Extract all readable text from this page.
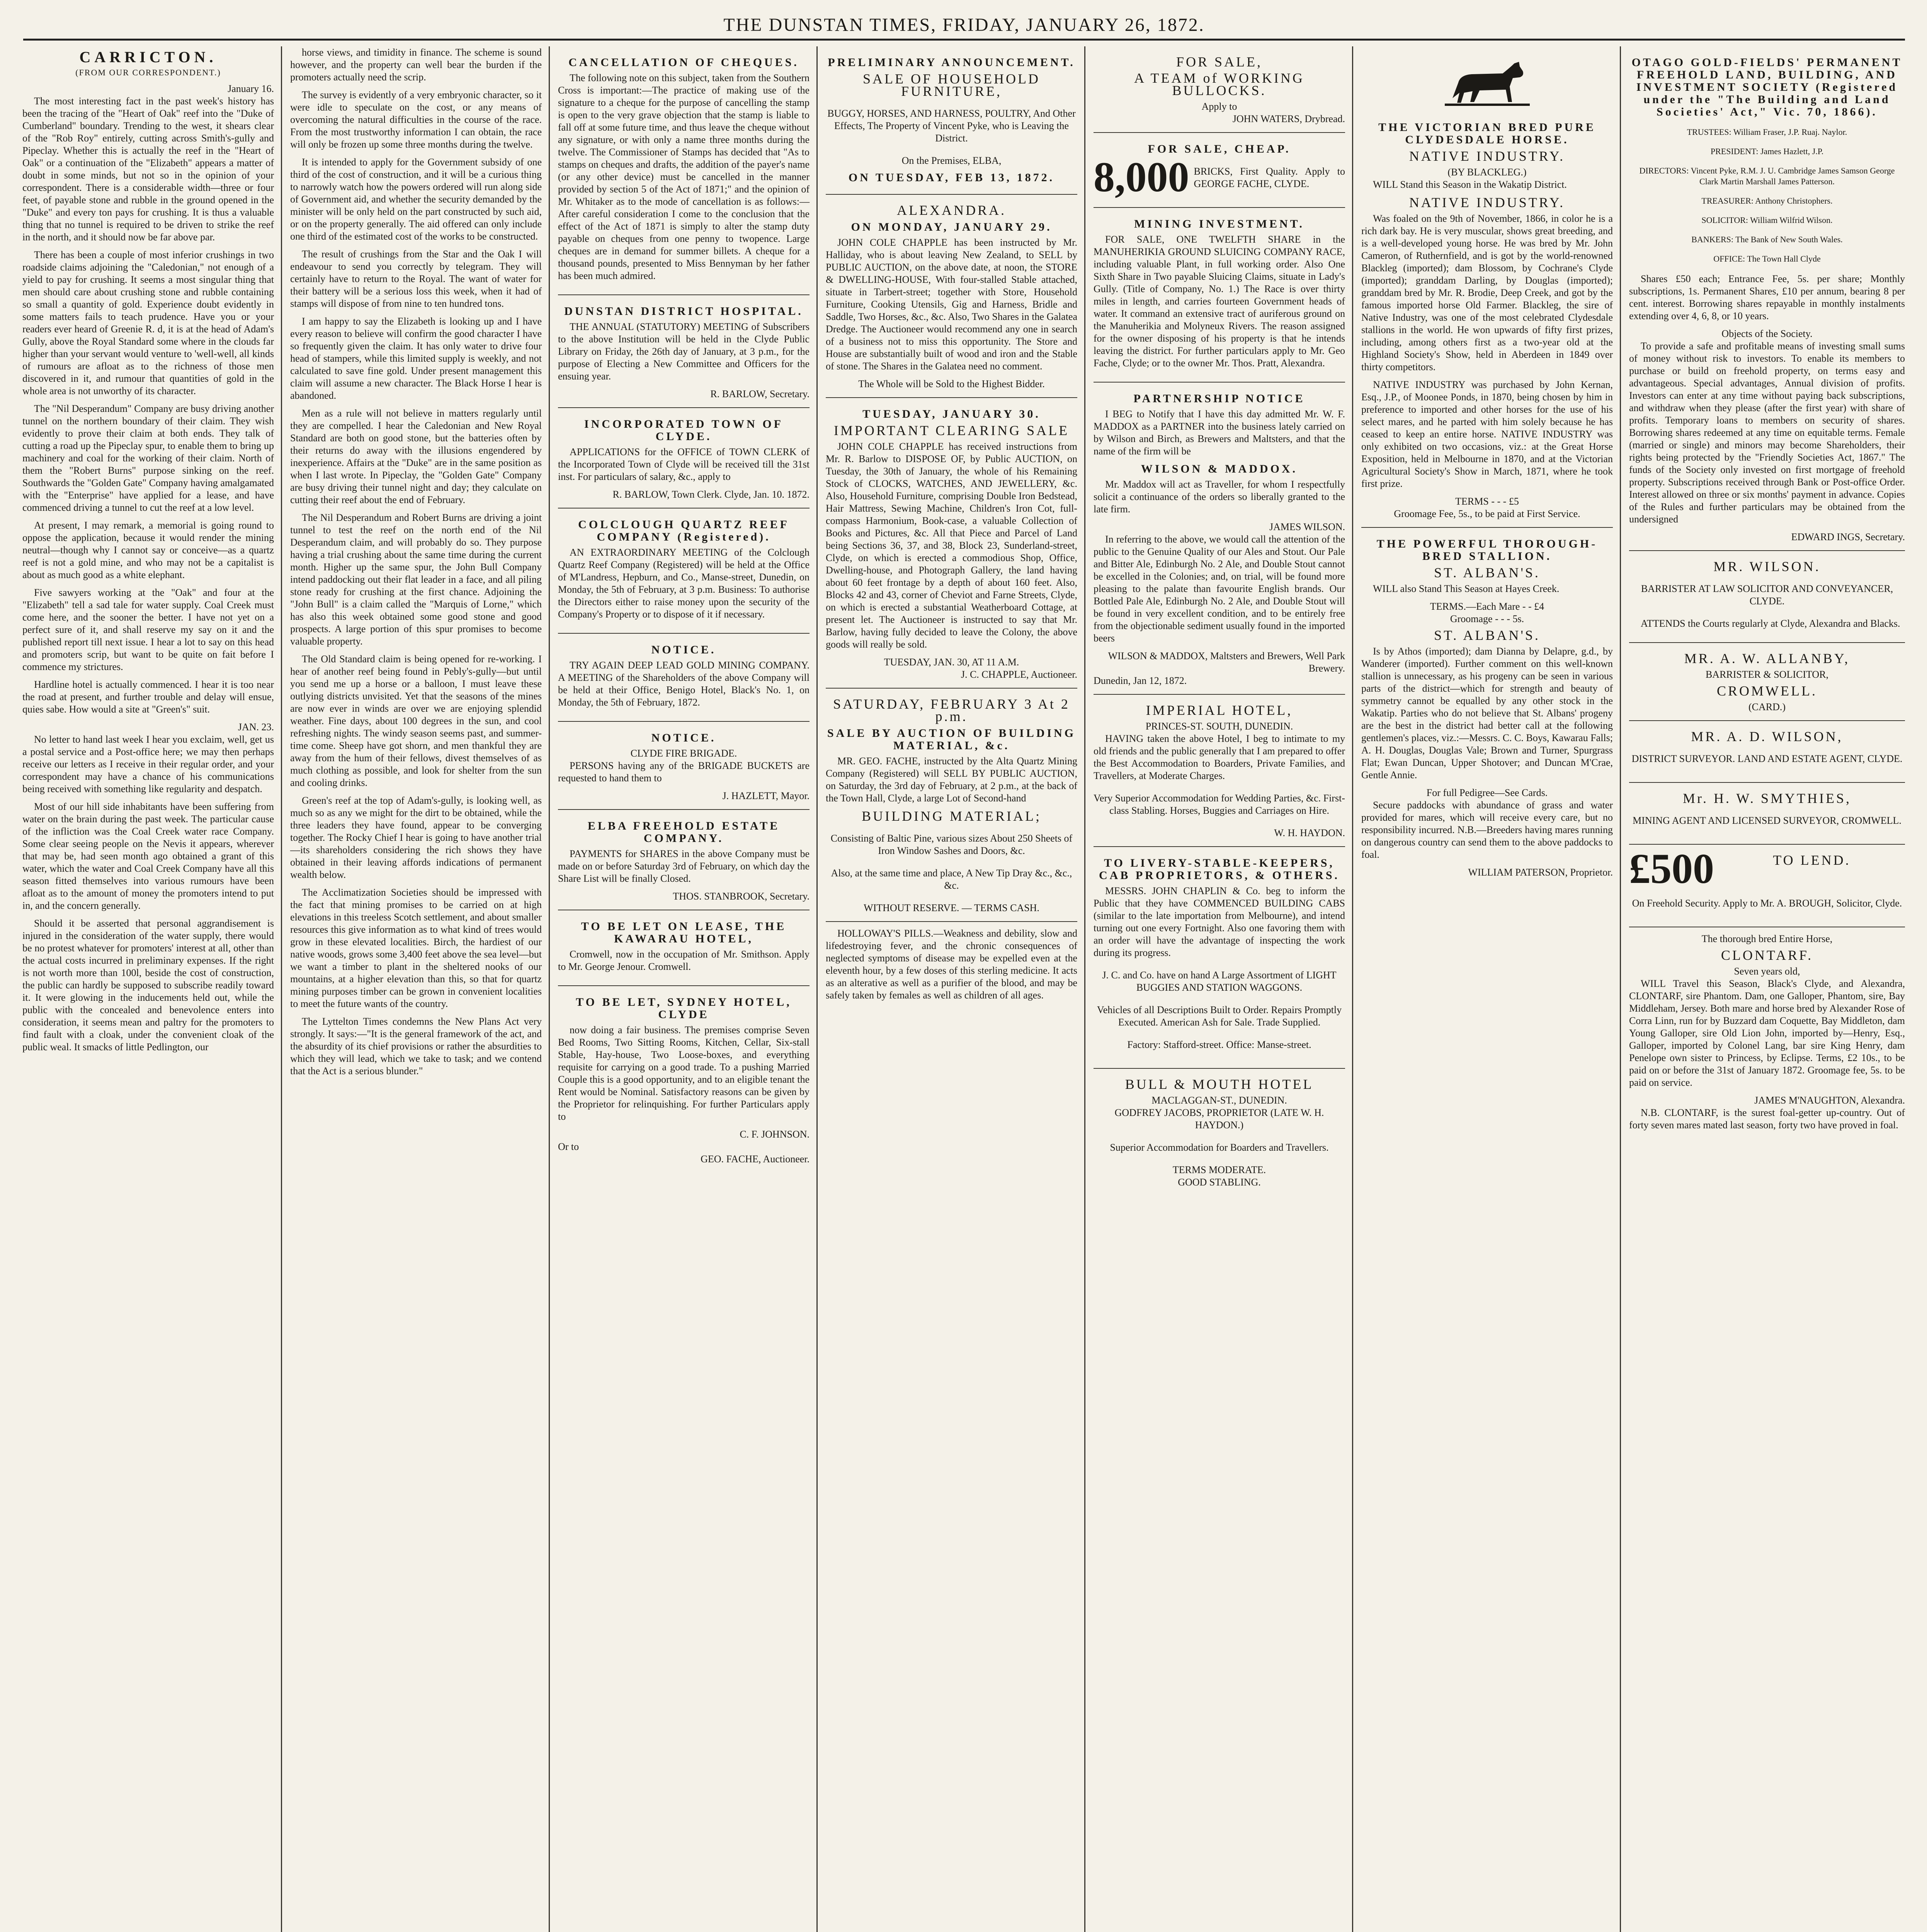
THE DUNSTAN TIMES, FRIDAY, JANUARY 26, 1872.
CARRICTON.
(FROM OUR CORRESPONDENT.)
January 16.

The most interesting fact in the past week's history has been the tracing of the "Heart of Oak" reef into the "Duke of Cumberland" boundary. Trending to the west, it shears clear of the "Rob Roy" entirely, cutting across Smith's-gully and Pipeclay. Whether this is actually the reef in the "Heart of Oak" or a continuation of the "Elizabeth" appears a matter of doubt in some minds, but not so in the opinion of your correspondent. There is a considerable width—three or four feet, of payable stone and rubble in the ground opened in the "Duke" and every ton pays for crushing. It is thus a valuable thing that no tunnel is required to be driven to strike the reef in the north, and it should now be far above par.

There has been a couple of most inferior crushings in two roadside claims adjoining the "Caledonian," not enough of a yield to pay for crushing. It seems a most singular thing that men should care about crushing stone and rubble containing so small a quantity of gold. Experience doubt evidently in some matters fails to teach prudence. Have you or your readers ever heard of Greenie R. d, it is at the head of Adam's Gully, above the Royal Standard some where in the clouds far higher than your servant would venture to 'well-well, all kinds of rumours are afloat as to the richness of those men discovered in it, and rumour that quantities of gold in the whole area is not unworthy of its character.

The "Nil Desperandum" Company are busy driving another tunnel on the northern boundary of their claim. They wish evidently to prove their claim at both ends. They talk of cutting a road up the Pipeclay spur, to enable them to bring up machinery and coal for the working of their claim. North of them the "Robert Burns" purpose sinking on the reef. Southwards the "Golden Gate" Company having amalgamated with the "Enterprise" have applied for a lease, and have commenced driving a tunnel to cut the reef at a low level.

At present, I may remark, a memorial is going round to oppose the application, because it would render the mining neutral—though why I cannot say or conceive—as a quartz reef is not a gold mine, and who may not be a capitalist is about as much good as a white elephant.

Five sawyers working at the "Oak" and four at the "Elizabeth" tell a sad tale for water supply. Coal Creek must come here, and the sooner the better. I have not yet on a perfect sure of it, and shall reserve my say on it and the published report till next issue. I hear a lot to say on this head and promoters scrip, but want to be quite on fait before I commence my strictures.

Hardline hotel is actually commenced. I hear it is too near the road at present, and further trouble and delay will ensue, quies sabe. How would a site at "Green's" suit.

JAN. 23.

No letter to hand last week I hear you exclaim, well, get us a postal service and a Post-office here; we may then perhaps receive our letters as I receive in their regular order, and your correspondent may have a chance of his communications being received with something like regularity and despatch.

Most of our hill side inhabitants have been suffering from water on the brain during the past week. The particular cause of the infliction was the Coal Creek water race Company. Some clear seeing people on the Nevis it appears, wherever that may be, had seen month ago obtained a grant of this water, which the water and Coal Creek Company have all this season fitted themselves into various rumours have been afloat as to the amount of money the promoters intend to put in, and the concern generally.

Should it be asserted that personal aggrandisement is injured in the consideration of the water supply, there would be no protest whatever for promoters' interest at all, other than the actual costs incurred in preliminary expenses. If the right is not worth more than 100l, beside the cost of construction, the public can hardly be supposed to subscribe readily toward it. It were glowing in the inducements held out, while the public with the concealed and benevolence enters into consideration, it seems mean and paltry for the promoters to find fault with a cloak, under the convenient cloak of the public weal. It smacks of little Pedlington, our

horse views, and timidity in finance. The scheme is sound however, and the property can well bear the burden if the promoters actually need the scrip.

The survey is evidently of a very embryonic character, so it were idle to speculate on the cost, or any means of overcoming the natural difficulties in the course of the race. From the most trustworthy information I can obtain, the race will only be frozen up some three months during the twelve.

It is intended to apply for the Government subsidy of one third of the cost of construction, and it will be a curious thing to narrowly watch how the powers ordered will run along side of Government aid, and whether the security demanded by the minister will be only held on the part constructed by such aid, or on the property generally. The aid offered can only include one third of the estimated cost of the works to be constructed.

The result of crushings from the Star and the Oak I will endeavour to send you correctly by telegram. They will certainly have to return to the Royal. The want of water for their battery will be a serious loss this week, when it had of stamps will dispose of from nine to ten hundred tons.

I am happy to say the Elizabeth is looking up and I have every reason to believe will confirm the good character I have so frequently given the claim. It has only water to drive four head of stampers, while this limited supply is weekly, and not calculated to save fine gold. Under present management this claim will assume a new character. The Black Horse I hear is abandoned.

Men as a rule will not believe in matters regularly until they are compelled. I hear the Caledonian and New Royal Standard are both on good stone, but the batteries often by their returns do away with the illusions engendered by inexperience. Affairs at the "Duke" are in the same position as when I last wrote. In Pipeclay, the "Golden Gate" Company are busy driving their tunnel night and day; they calculate on cutting their reef about the end of February.

The Nil Desperandum and Robert Burns are driving a joint tunnel to test the reef on the north end of the Nil Desperandum claim, and will probably do so. They purpose having a trial crushing about the same time during the current month. Higher up the same spur, the John Bull Company intend paddocking out their flat leader in a face, and all piling stone ready for crushing at the first chance. Adjoining the "John Bull" is a claim called the "Marquis of Lorne," which has also this week obtained some good stone and good prospects. A large portion of this spur promises to become valuable property.

The Old Standard claim is being opened for re-working. I hear of another reef being found in Pebly's-gully—but until you send me up a horse or a balloon, I must leave these outlying districts unvisited. Yet that the seasons of the mines are now ever in winds are over we are enjoying splendid weather. Fine days, about 100 degrees in the sun, and cool refreshing nights. The windy season seems past, and summer-time come. Sheep have got shorn, and men thankful they are away from the hum of their fellows, divest themselves of as much clothing as possible, and look for shelter from the sun and cooling drinks.

Green's reef at the top of Adam's-gully, is looking well, as much so as any we might for the dirt to be obtained, while the three leaders they have found, appear to be converging together. The Rocky Chief I hear is going to have another trial—its shareholders considering the rich shows they have obtained in their leaving affords indications of permanent wealth below.

The Acclimatization Societies should be impressed with the fact that mining promises to be carried on at high elevations in this treeless Scotch settlement, and about smaller resources this give information as to what kind of trees would grow in these elevated localities. Birch, the hardiest of our native woods, grows some 3,400 feet above the sea level—but we want a timber to plant in the sheltered nooks of our mountains, at a higher elevation than this, so that for quartz mining purposes timber can be grown in convenient localities to meet the future wants of the country.

The Lyttelton Times condemns the New Plans Act very strongly. It says:—"It is the general framework of the act, and the absurdity of its chief provisions or rather the absurdities to which they will lead, which we take to task; and we contend that the Act is a serious blunder."

CANCELLATION OF CHEQUES.

The following note on this subject, taken from the Southern Cross is important:—The practice of making use of the signature to a cheque for the purpose of cancelling the stamp is open to the very grave objection that the stamp is liable to fall off at some future time, and thus leave the cheque without any signature, or with only a name three months during the twelve. The Commissioner of Stamps has decided that "As to stamps on cheques and drafts, the addition of the payer's name (or any other device) must be cancelled in the manner provided by section 5 of the Act of 1871;" and the opinion of Mr. Whitaker as to the mode of cancellation is as follows:—After careful consideration I come to the conclusion that the effect of the Act of 1871 is simply to alter the stamp duty payable on cheques from one penny to twopence. Large cheques are in demand for summer billets. A cheque for a thousand pounds, presented to Miss Bennyman by her father has been much admired.

DUNSTAN DISTRICT HOSPITAL.

THE ANNUAL (STATUTORY) MEETING of Subscribers to the above Institution will be held in the Clyde Public Library on Friday, the 26th day of January, at 3 p.m., for the purpose of Electing a New Committee and Officers for the ensuing year.

R. BARLOW, Secretary.
INCORPORATED TOWN OF CLYDE.

APPLICATIONS for the OFFICE of TOWN CLERK of the Incorporated Town of Clyde will be received till the 31st inst. For particulars of salary, &c., apply to

R. BARLOW, Town Clerk. Clyde, Jan. 10. 1872.
COLCLOUGH QUARTZ REEF COMPANY (Registered).

AN EXTRAORDINARY MEETING of the Colclough Quartz Reef Company (Registered) will be held at the Office of M'Landress, Hepburn, and Co., Manse-street, Dunedin, on Monday, the 5th of February, at 3 p.m. Business: To authorise the Directors either to raise money upon the security of the Company's Property or to dispose of it if necessary.

NOTICE.

TRY AGAIN DEEP LEAD GOLD MINING COMPANY. A MEETING of the Shareholders of the above Company will be held at their Office, Benigo Hotel, Black's No. 1, on Monday, the 5th of February, 1872.

NOTICE.
CLYDE FIRE BRIGADE.

PERSONS having any of the BRIGADE BUCKETS are requested to hand them to

J. HAZLETT, Mayor.
ELBA FREEHOLD ESTATE COMPANY.

PAYMENTS for SHARES in the above Company must be made on or before Saturday 3rd of February, on which day the Share List will be finally Closed.

THOS. STANBROOK, Secretary.
TO BE LET ON LEASE, THE KAWARAU HOTEL,

Cromwell, now in the occupation of Mr. Smithson. Apply to Mr. George Jenour. Cromwell.

TO BE LET, SYDNEY HOTEL, CLYDE

now doing a fair business. The premises comprise Seven Bed Rooms, Two Sitting Rooms, Kitchen, Cellar, Six-stall Stable, Hay-house, Two Loose-boxes, and everything requisite for carrying on a good trade. To a pushing Married Couple this is a good opportunity, and to an eligible tenant the Rent would be Nominal. Satisfactory reasons can be given by the Proprietor for relinquishing. For further Particulars apply to

C. F. JOHNSON.
Or to
GEO. FACHE, Auctioneer.
PRELIMINARY ANNOUNCEMENT.
SALE OF HOUSEHOLD FURNITURE,

BUGGY, HORSES, AND HARNESS, POULTRY, And Other Effects, The Property of Vincent Pyke, who is Leaving the District.

On the Premises, ELBA,
ON TUESDAY, FEB 13, 1872.
ALEXANDRA.
ON MONDAY, JANUARY 29.

JOHN COLE CHAPPLE has been instructed by Mr. Halliday, who is about leaving New Zealand, to SELL by PUBLIC AUCTION, on the above date, at noon, the STORE & DWELLING-HOUSE, With four-stalled Stable attached, situate in Tarbert-street; together with Store, Household Furniture, Cooking Utensils, Gig and Harness, Bridle and Saddle, Two Horses, &c., &c. Also, Two Shares in the Galatea Dredge. The Auctioneer would recommend any one in search of a business not to miss this opportunity. The Store and House are substantially built of wood and iron and the Stable of stone. The Shares in the Galatea need no comment.

The Whole will be Sold to the Highest Bidder.
TUESDAY, JANUARY 30.
IMPORTANT CLEARING SALE

JOHN COLE CHAPPLE has received instructions from Mr. R. Barlow to DISPOSE OF, by Public AUCTION, on Tuesday, the 30th of January, the whole of his Remaining Stock of CLOCKS, WATCHES, AND JEWELLERY, &c. Also, Household Furniture, comprising Double Iron Bedstead, Hair Mattress, Sewing Machine, Children's Iron Cot, full-compass Harmonium, Book-case, a valuable Collection of Books and Pictures, &c. All that Piece and Parcel of Land being Sections 36, 37, and 38, Block 23, Sunderland-street, Clyde, on which is erected a commodious Shop, Office, Dwelling-house, and Photograph Gallery, the land having about 60 feet frontage by a depth of about 160 feet. Also, Blocks 42 and 43, corner of Cheviot and Farne Streets, Clyde, on which is erected a substantial Weatherboard Cottage, at present let. The Auctioneer is instructed to say that Mr. Barlow, having fully decided to leave the Colony, the above goods will really be sold.

TUESDAY, JAN. 30, AT 11 A.M.
J. C. CHAPPLE, Auctioneer.
SATURDAY, FEBRUARY 3 At 2 p.m.
SALE BY AUCTION OF BUILDING MATERIAL, &c.

MR. GEO. FACHE, instructed by the Alta Quartz Mining Company (Registered) will SELL BY PUBLIC AUCTION, on Saturday, the 3rd day of February, at 2 p.m., at the back of the Town Hall, Clyde, a large Lot of Second-hand

BUILDING MATERIAL;

Consisting of Baltic Pine, various sizes About 250 Sheets of Iron Window Sashes and Doors, &c.

Also, at the same time and place, A New Tip Dray &c., &c., &c.

WITHOUT RESERVE. — TERMS CASH.

HOLLOWAY'S PILLS.—Weakness and debility, slow and lifedestroying fever, and the chronic consequences of neglected symptoms of disease may be expelled even at the eleventh hour, by a few doses of this sterling medicine. It acts as an alterative as well as a purifier of the blood, and may be safely taken by females as well as children of all ages.

FOR SALE,
A TEAM of WORKING BULLOCKS.
Apply to
JOHN WATERS, Drybread.
FOR SALE, CHEAP.
8,000 BRICKS, First Quality. Apply to GEORGE FACHE, CLYDE.

MINING INVESTMENT.

FOR SALE, ONE TWELFTH SHARE in the MANUHERIKIA GROUND SLUICING COMPANY RACE, including valuable Plant, in full working order. Also One Sixth Share in Two payable Sluicing Claims, situate in Lady's Gully. (Title of Company, No. 1.) The Race is over thirty miles in length, and carries fourteen Government heads of water. It command an extensive tract of auriferous ground on the Manuherikia and Molyneux Rivers. The reason assigned for the owner disposing of his property is that he intends leaving the district. For further particulars apply to Mr. Geo Fache, Clyde; or to the owner Mr. Thos. Pratt, Alexandra.

PARTNERSHIP NOTICE

I BEG to Notify that I have this day admitted Mr. W. F. MADDOX as a PARTNER into the business lately carried on by Wilson and Birch, as Brewers and Maltsters, and that the name of the firm will be

WILSON & MADDOX.

Mr. Maddox will act as Traveller, for whom I respectfully solicit a continuance of the orders so liberally granted to the late firm.

JAMES WILSON.

In referring to the above, we would call the attention of the public to the Genuine Quality of our Ales and Stout. Our Pale and Bitter Ale, Edinburgh No. 2 Ale, and Double Stout cannot be excelled in the Colonies; and, on trial, will be found more pleasing to the palate than favourite English brands. Our Bottled Pale Ale, Edinburgh No. 2 Ale, and Double Stout will be found in very excellent condition, and to be entirely free from the objectionable sediment usually found in the imported beers

WILSON & MADDOX, Maltsters and Brewers, Well Park Brewery.
Dunedin, Jan 12, 1872.
IMPERIAL HOTEL,
PRINCES-ST. SOUTH, DUNEDIN.

HAVING taken the above Hotel, I beg to intimate to my old friends and the public generally that I am prepared to offer the Best Accommodation to Boarders, Private Families, and Travellers, at Moderate Charges.

Very Superior Accommodation for Wedding Parties, &c. First-class Stabling. Horses, Buggies and Carriages on Hire.

W. H. HAYDON.
TO LIVERY-STABLE-KEEPERS, CAB PROPRIETORS, & OTHERS.

MESSRS. JOHN CHAPLIN & Co. beg to inform the Public that they have COMMENCED BUILDING CABS (similar to the late importation from Melbourne), and intend turning out one every Fortnight. Also one favoring them with an order will have the advantage of inspecting the work during its progress.

J. C. and Co. have on hand A Large Assortment of LIGHT BUGGIES AND STATION WAGGONS.

Vehicles of all Descriptions Built to Order. Repairs Promptly Executed. American Ash for Sale. Trade Supplied.

Factory: Stafford-street. Office: Manse-street.

BULL & MOUTH HOTEL
MACLAGGAN-ST., DUNEDIN.
GODFREY JACOBS, PROPRIETOR (LATE W. H. HAYDON.)

Superior Accommodation for Boarders and Travellers.

TERMS MODERATE.
GOOD STABLING.
THE VICTORIAN BRED PURE CLYDESDALE HORSE.
NATIVE INDUSTRY.
(BY BLACKLEG.)

WILL Stand this Season in the Wakatip District.

NATIVE INDUSTRY.

Was foaled on the 9th of November, 1866, in color he is a rich dark bay. He is very muscular, shows great breeding, and is a well-developed young horse. He was bred by Mr. John Cameron, of Ruthernfield, and is got by the world-renowned Blackleg (imported); dam Blossom, by Cochrane's Clyde (imported); granddam Darling, by Douglas (imported); granddam bred by Mr. R. Brodie, Deep Creek, and got by the famous imported horse Old Farmer. Blackleg, the sire of Native Industry, was one of the most celebrated Clydesdale stallions in the world. He won upwards of fifty first prizes, including, among others first as a two-year old at the Highland Society's Show, held in Aberdeen in 1849 over thirty competitors.

NATIVE INDUSTRY was purchased by John Kernan, Esq., J.P., of Moonee Ponds, in 1870, being chosen by him in preference to imported and other horses for the use of his select mares, and he parted with him solely because he has ceased to keep an entire horse. NATIVE INDUSTRY was only exhibited on two occasions, viz.: at the Great Horse Exposition, held in Melbourne in 1870, and at the Victorian Agricultural Society's Show in March, 1871, where he took first prize.

TERMS - - - £5
Groomage Fee, 5s., to be paid at First Service.
THE POWERFUL THOROUGH-BRED STALLION.
ST. ALBAN'S.

WILL also Stand This Season at Hayes Creek.

TERMS.—Each Mare - - £4
Groomage - - - 5s.
ST. ALBAN'S.

Is by Athos (imported); dam Dianna by Delapre, g.d., by Wanderer (imported). Further comment on this well-known stallion is unnecessary, as his progeny can be seen in various parts of the district—which for strength and beauty of symmetry cannot be equalled by any other stock in the Wakatip. Parties who do not believe that St. Albans' progeny are the best in the district had better call at the following gentlemen's places, viz.:—Messrs. C. C. Boys, Kawarau Falls; A. H. Douglas, Douglas Vale; Brown and Turner, Spurgrass Flat; Ewan Duncan, Upper Shotover; and Duncan M'Crae, Gentle Annie.

For full Pedigree—See Cards.

Secure paddocks with abundance of grass and water provided for mares, which will receive every care, but no responsibility incurred. N.B.—Breeders having mares running on dangerous country can send them to the above paddocks to foal.

WILLIAM PATERSON, Proprietor.
OTAGO GOLD-FIELDS' PERMANENT FREEHOLD LAND, BUILDING, AND INVESTMENT SOCIETY (Registered under the "The Building and Land Societies' Act," Vic. 70, 1866).

TRUSTEES: William Fraser, J.P. Ruaj. Naylor.

PRESIDENT: James Hazlett, J.P.

DIRECTORS: Vincent Pyke, R.M. J. U. Cambridge James Samson George Clark Martin Marshall James Patterson.

TREASURER: Anthony Christophers.

SOLICITOR: William Wilfrid Wilson.

BANKERS: The Bank of New South Wales.

OFFICE: The Town Hall Clyde

Shares £50 each; Entrance Fee, 5s. per share; Monthly subscriptions, 1s. Permanent Shares, £10 per annum, bearing 8 per cent. interest. Borrowing shares repayable in monthly instalments extending over 4, 6, 8, or 10 years.

Objects of the Society.

To provide a safe and profitable means of investing small sums of money without risk to investors. To enable its members to purchase or build on freehold property, on terms easy and advantageous. Special advantages, Annual division of profits. Investors can enter at any time without paying back subscriptions, and withdraw when they please (after the first year) with share of profits. Temporary loans to members on security of shares. Borrowing shares redeemed at any time on equitable terms. Female (married or single) and minors may become Shareholders, their rights being protected by the "Friendly Societies Act, 1867." The funds of the Society only invested on first mortgage of freehold property. Subscriptions received through Bank or Post-office Order. Interest allowed on three or six months' payment in advance. Copies of the Rules and further particulars may be obtained from the undersigned

EDWARD INGS, Secretary.
MR. WILSON.

BARRISTER AT LAW SOLICITOR AND CONVEYANCER, CLYDE.

ATTENDS the Courts regularly at Clyde, Alexandra and Blacks.

MR. A. W. ALLANBY,
BARRISTER & SOLICITOR,
CROMWELL.
(CARD.)
MR. A. D. WILSON,

DISTRICT SURVEYOR. LAND AND ESTATE AGENT, CLYDE.

Mr. H. W. SMYTHIES,

MINING AGENT AND LICENSED SURVEYOR, CROMWELL.

£500	TO LEND.

On Freehold Security. Apply to Mr. A. BROUGH, Solicitor, Clyde.

The thorough bred Entire Horse,
CLONTARF.
Seven years old,

WILL Travel this Season, Black's Clyde, and Alexandra, CLONTARF, sire Phantom. Dam, one Galloper, Phantom, sire, Bay Middleham, Jersey. Both mare and horse bred by Alexander Rose of Corra Linn, run for by Buzzard dam Coquette, Bay Middleton, dam Young Galloper, sire Old Lion John, imported by—Henry, Esq., Galloper, imported by Colonel Lang, bar sire King Henry, dam Penelope own sister to Princess, by Eclipse. Terms, £2 10s., to be paid on or before the 31st of January 1872. Groomage fee, 5s. to be paid on service.

JAMES M'NAUGHTON, Alexandra.

N.B. CLONTARF, is the surest foal-getter up-country. Out of forty seven mares mated last season, forty two have proved in foal.
